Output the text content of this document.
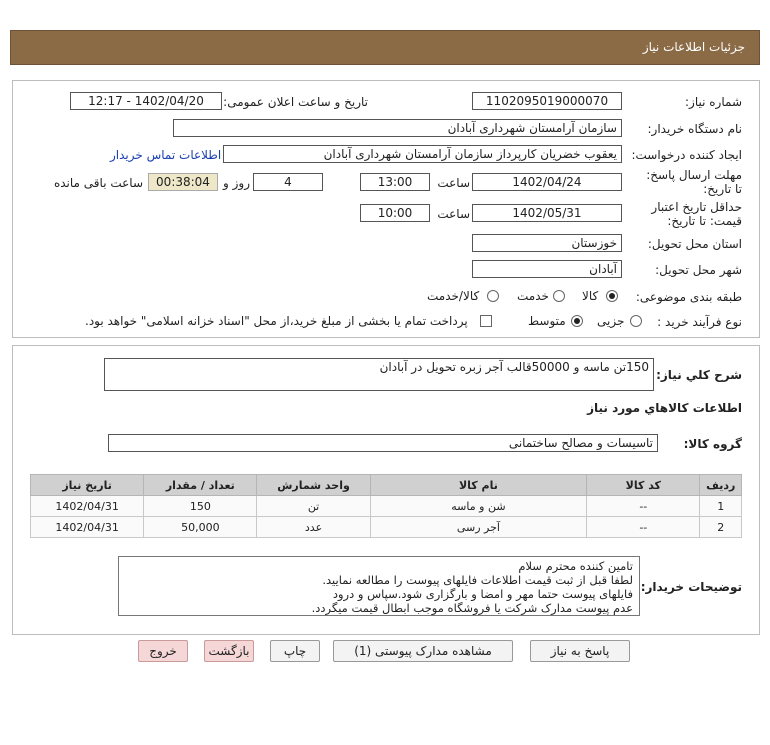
جزئیات اطلاعات نیاز
شماره نیاز:
1102095019000070
تاریخ و ساعت اعلان عمومی:
1402/04/20 - 12:17
نام دستگاه خریدار:
سازمان آرامستان شهرداری آبادان
ایجاد کننده درخواست:
یعقوب خضریان کارپرداز سازمان آرامستان شهرداری آبادان
اطلاعات تماس خریدار
مهلت ارسال پاسخ: تا تاریخ:
1402/04/24
ساعت
13:00
4
روز و
00:38:04
ساعت باقی مانده
حداقل تاریخ اعتبار قیمت: تا تاریخ:
1402/05/31
ساعت
10:00
استان محل تحویل:
خوزستان
شهر محل تحویل:
آبادان
طبقه بندی موضوعی:
کالا
خدمت
کالا/خدمت
نوع فرآیند خرید :
جزیی
متوسط
پرداخت تمام یا بخشی از مبلغ خرید،از محل "اسناد خزانه اسلامی" خواهد بود.
شرح کلي نياز:
150تن ماسه و 50000قالب آجر زبره تحویل در آبادان
اطلاعات کالاهاي مورد نياز
گروه کالا:
تاسیسات و مصالح ساختمانی
ردیف	کد کالا	نام کالا	واحد شمارش	تعداد / مقدار	تاریخ نیاز
1	--	شن و ماسه	تن	150	1402/04/31
2	--	آجر رسی	عدد	50,000	1402/04/31
توضیحات خریدار:
تامین کننده محترم سلام
لطفا قبل از ثبت قیمت اطلاعات فایلهای پیوست را مطالعه نمایید.
فایلهای پیوست حتما مهر و امضا و بارگزاری شود.سپاس و درود
عدم پیوست مدارک شرکت یا فروشگاه موجب ابطال قیمت میگردد.
پاسخ به نیاز
مشاهده مدارک پیوستی (1)
چاپ
بازگشت
خروج
